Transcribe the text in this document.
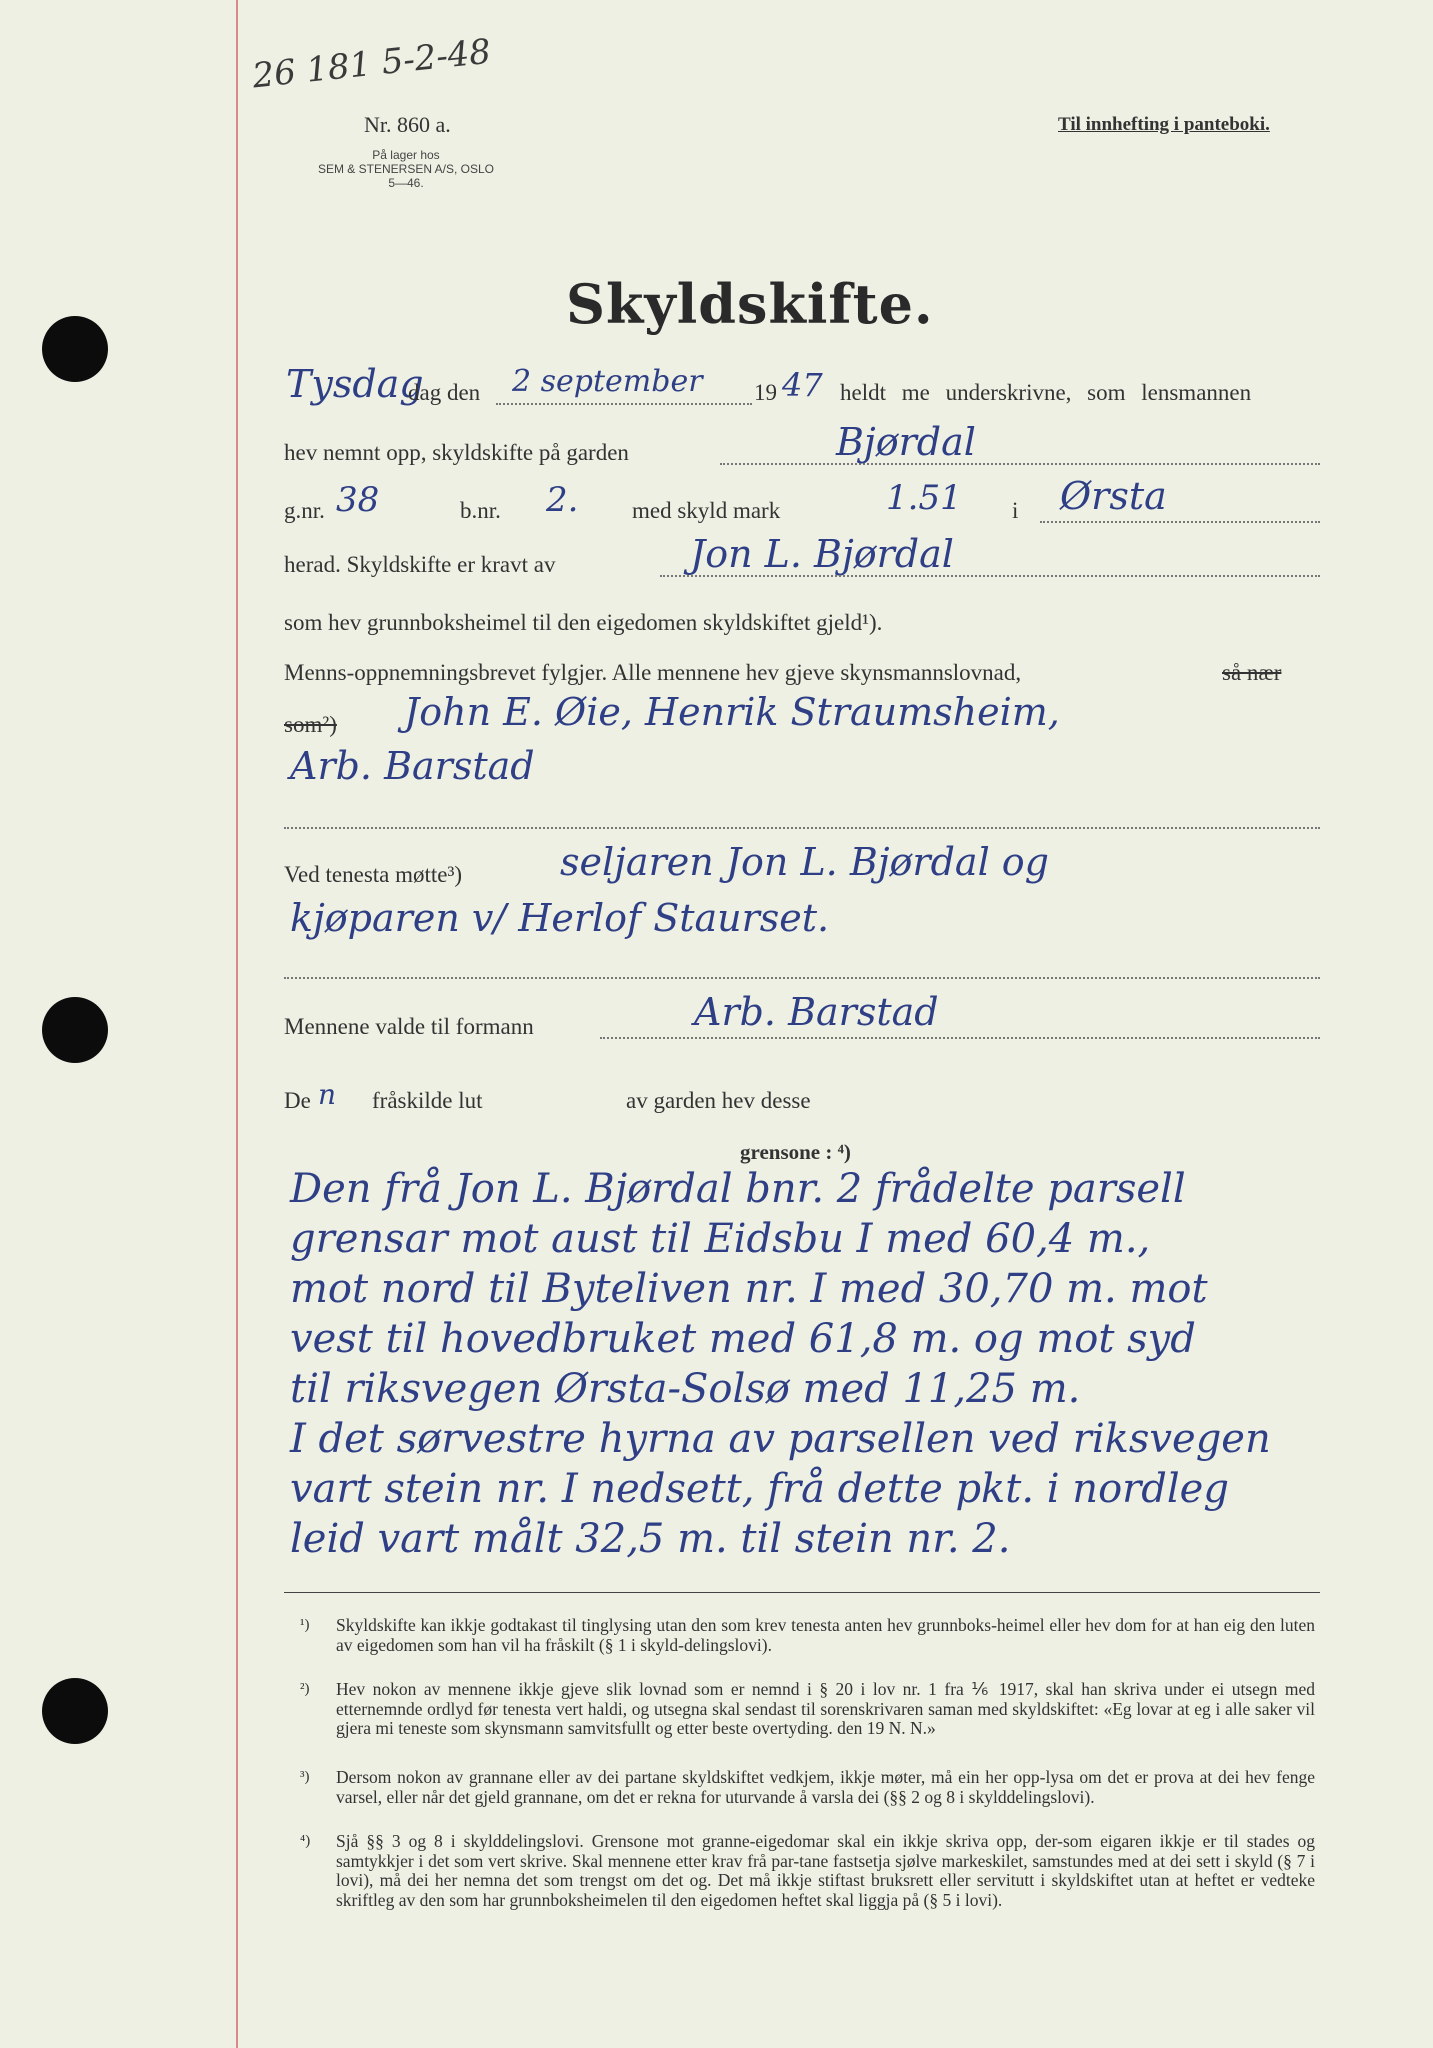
26 181 5-2-48
Nr. 860 a.
På lager hos
SEM & STENERSEN A/S, OSLO
5—46.
Til innhefting i panteboki.
Skyldskifte.
Tysdag
dag den 2 september 19 47 heldt me underskrivne, som lensmannen
hev nemnt opp, skyldskifte på garden	Bjørdal
g.nr. 38	b.nr. 2. med skyld mark	1.51 i Ørsta
herad. Skyldskifte er kravt av	Jon L. Bjørdal
som hev grunnboksheimel til den eigedomen skyldskiftet gjeld¹).
Menns-oppnemningsbrevet fylgjer. Alle mennene hev gjeve skynsmannslovnad,	så nær
som²) John E. Øie, Henrik Straumsheim,
Arb. Barstad
Ved tenesta møtte³)	seljaren Jon L. Bjørdal og
kjøparen v/ Herlof Staurset.
Mennene valde til formann	Arb. Barstad
De n fråskilde lut	av garden hev desse
grensone : ⁴)
Den frå Jon L. Bjørdal bnr. 2 frådelte parsell
grensar mot aust til Eidsbu I med 60,4 m.,
mot nord til Byteliven nr. I med 30,70 m. mot
vest til hovedbruket med 61,8 m. og mot syd
til riksvegen Ørsta-Solsø med 11,25 m.
I det sørvestre hyrna av parsellen ved riksvegen
vart stein nr. I nedsett, frå dette pkt. i nordleg
leid vart målt 32,5 m. til stein nr. 2.
¹) Skyldskifte kan ikkje godtakast til tinglysing utan den som krev tenesta anten hev grunnboks-heimel eller hev dom for at han eig den luten av eigedomen som han vil ha fråskilt (§ 1 i skyld-delingslovi).
²) Hev nokon av mennene ikkje gjeve slik lovnad som er nemnd i § 20 i lov nr. 1 fra ⅙ 1917, skal han skriva under ei utsegn med etternemnde ordlyd før tenesta vert haldi, og utsegna skal sendast til sorenskrivaren saman med skyldskiftet: «Eg lovar at eg i alle saker vil gjera mi teneste som skynsmann samvitsfullt og etter beste overtyding. den 19 N. N.»
³) Dersom nokon av grannane eller av dei partane skyldskiftet vedkjem, ikkje møter, må ein her opp-lysa om det er prova at dei hev fenge varsel, eller når det gjeld grannane, om det er rekna for uturvande å varsla dei (§§ 2 og 8 i skylddelingslovi).
⁴) Sjå §§ 3 og 8 i skylddelingslovi. Grensone mot granne-eigedomar skal ein ikkje skriva opp, der-som eigaren ikkje er til stades og samtykkjer i det som vert skrive. Skal mennene etter krav frå par-tane fastsetja sjølve markeskilet, samstundes med at dei sett i skyld (§ 7 i lovi), må dei her nemna det som trengst om det og. Det må ikkje stiftast bruksrett eller servitutt i skyldskiftet utan at heftet er vedteke skriftleg av den som har grunnboksheimelen til den eigedomen heftet skal liggja på (§ 5 i lovi).
